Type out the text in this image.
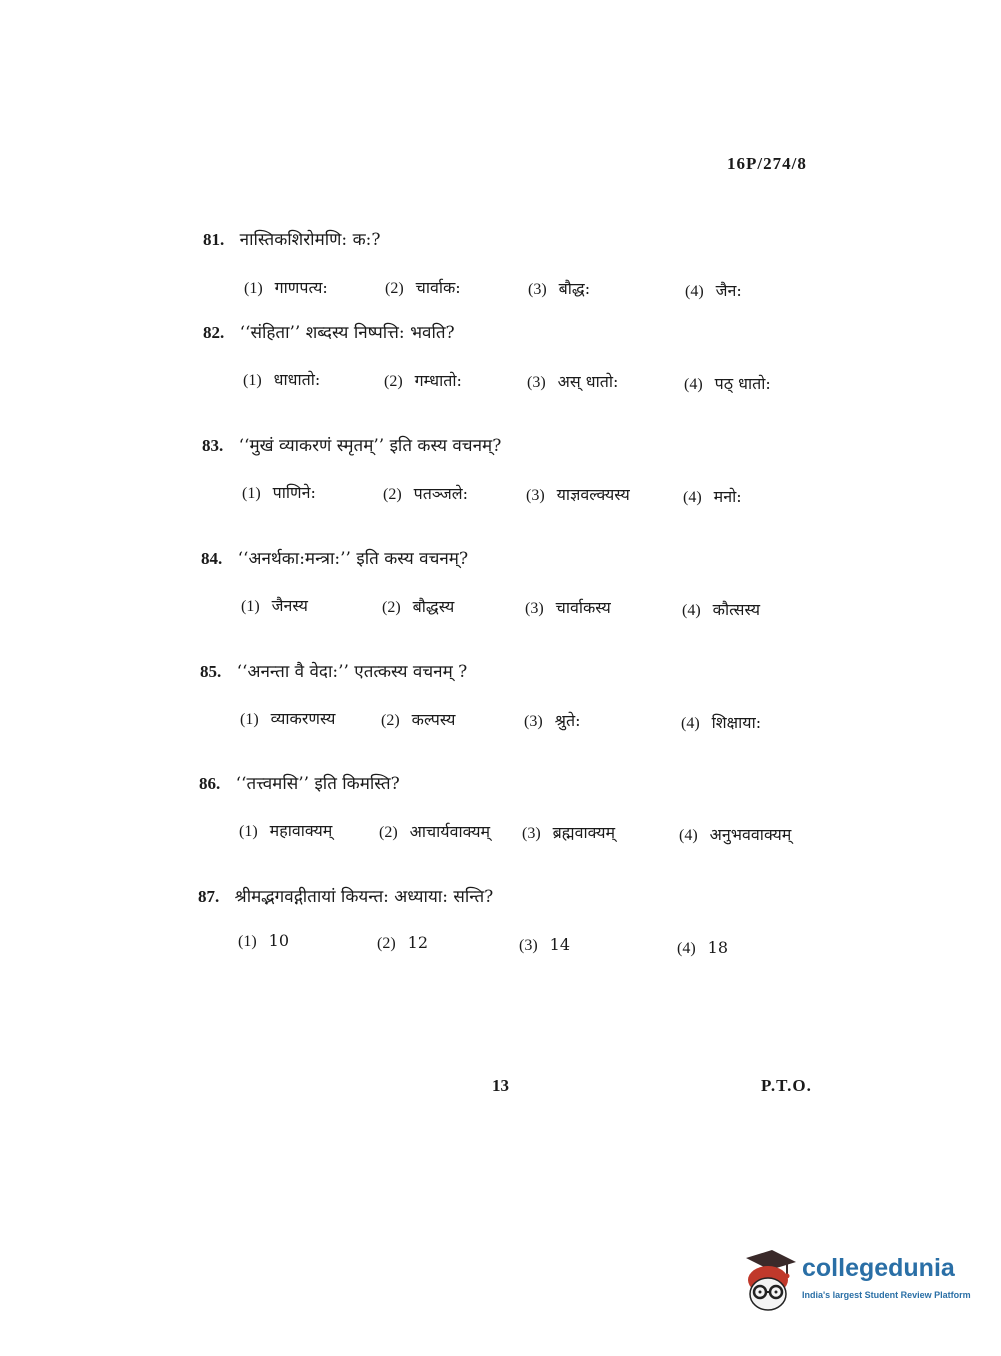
16P/274/8
81. नास्तिकशिरोमणि: क:?
(1) गाणपत्य:	(2) चार्वाक:	(3) बौद्ध:	(4) जैन:
82. ‘‘संहिता’’ शब्दस्य निष्पत्ति: भवति?
(1) धाधातो:	(2) गम्धातो:	(3) अस् धातो:	(4) पठ् धातो:
83. ‘‘मुखं व्याकरणं स्मृतम्’’ इति कस्य वचनम्?
(1) पाणिने:	(2) पतञ्जले:	(3) याज्ञवल्क्यस्य	(4) मनो:
84. ‘‘अनर्थका:मन्त्रा:’’ इति कस्य वचनम्?
(1) जैनस्य	(2) बौद्धस्य	(3) चार्वाकस्य	(4) कौत्सस्य
85. ‘‘अनन्ता वै वेदा:’’ एतत्कस्य वचनम् ?
(1) व्याकरणस्य	(2) कल्पस्य	(3) श्रुते:	(4) शिक्षाया:
86. ‘‘तत्त्वमसि’’ इति किमस्ति?
(1) महावाक्यम्	(2) आचार्यवाक्यम् (3) ब्रह्मवाक्यम्	(4) अनुभववाक्यम्
87. श्रीमद्भगवद्गीतायां कियन्त: अध्याया: सन्ति?
(1) 10	(2) 12	(3) 14	(4) 18
13	P.T.O.
collegedunia
India's largest Student Review Platform
